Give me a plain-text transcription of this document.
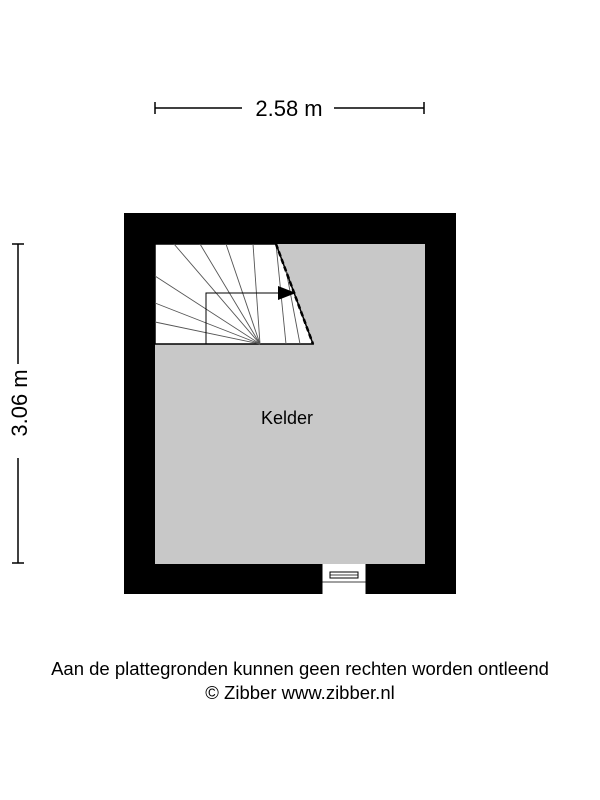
2.58 m
3.06 m	Kelder
Aan de plattegronden kunnen geen rechten worden ontleend
© Zibber www.zibber.nl
